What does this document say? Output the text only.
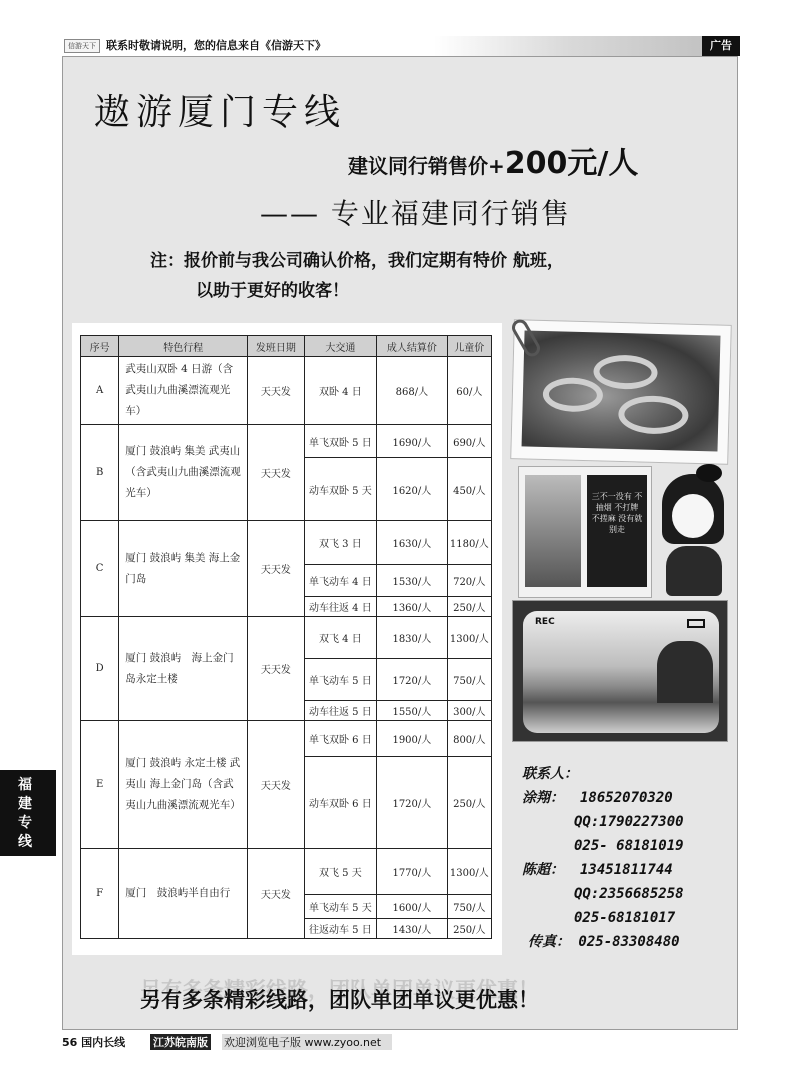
信游天下 联系时敬请说明，您的信息来自《信游天下》	广告
遨游厦门专线
建议同行销售价+200元/人
—— 专业福建同行销售
注：报价前与我公司确认价格，我们定期有特价 航班，
以助于更好的收客！
序号	特色行程	发班日期	大交通	成人结算价	儿童价
A	武夷山双卧 4 日游（含武夷山九曲溪漂流观光车）	天天发	双卧 4 日	868/人	60/人
B	厦门 鼓浪屿 集美 武夷山（含武夷山九曲溪漂流观光车）	天天发	单飞双卧 5 日	1690/人	690/人
			动车双卧 5 天	1620/人	450/人
C	厦门 鼓浪屿 集美 海上金门岛	天天发	双飞 3 日	1630/人	1180/人
			单飞动车 4 日	1530/人	720/人
			动车往返 4 日	1360/人	250/人
D	厦门 鼓浪屿　海上金门岛永定土楼	天天发	双飞 4 日	1830/人	1300/人
			单飞动车 5 日	1720/人	750/人
			动车往返 5 日	1550/人	300/人
E	厦门 鼓浪屿 永定土楼 武夷山 海上金门岛（含武夷山九曲溪漂流观光车）	天天发	单飞双卧 6 日	1900/人	800/人
			动车双卧 6 日	1720/人	250/人
F	厦门　鼓浪屿半自由行	天天发	双飞 5 天	1770/人	1300/人
			单飞动车 5 天	1600/人	750/人
			往返动车 5 日	1430/人	250/人
三不一没有 不抽烟 不打牌 不搓麻 没有就别走
REC
联系人：
涂翔： 18652070320
QQ:1790227300
025- 68181019
陈超： 13451811744
QQ:2356685258
025-68181017
传真： 025-83308480
另有多条精彩线路，团队单团单议更优惠！
福
建
专
线
56 国内长线	江苏皖南版 欢迎浏览电子版 www.zyoo.net
